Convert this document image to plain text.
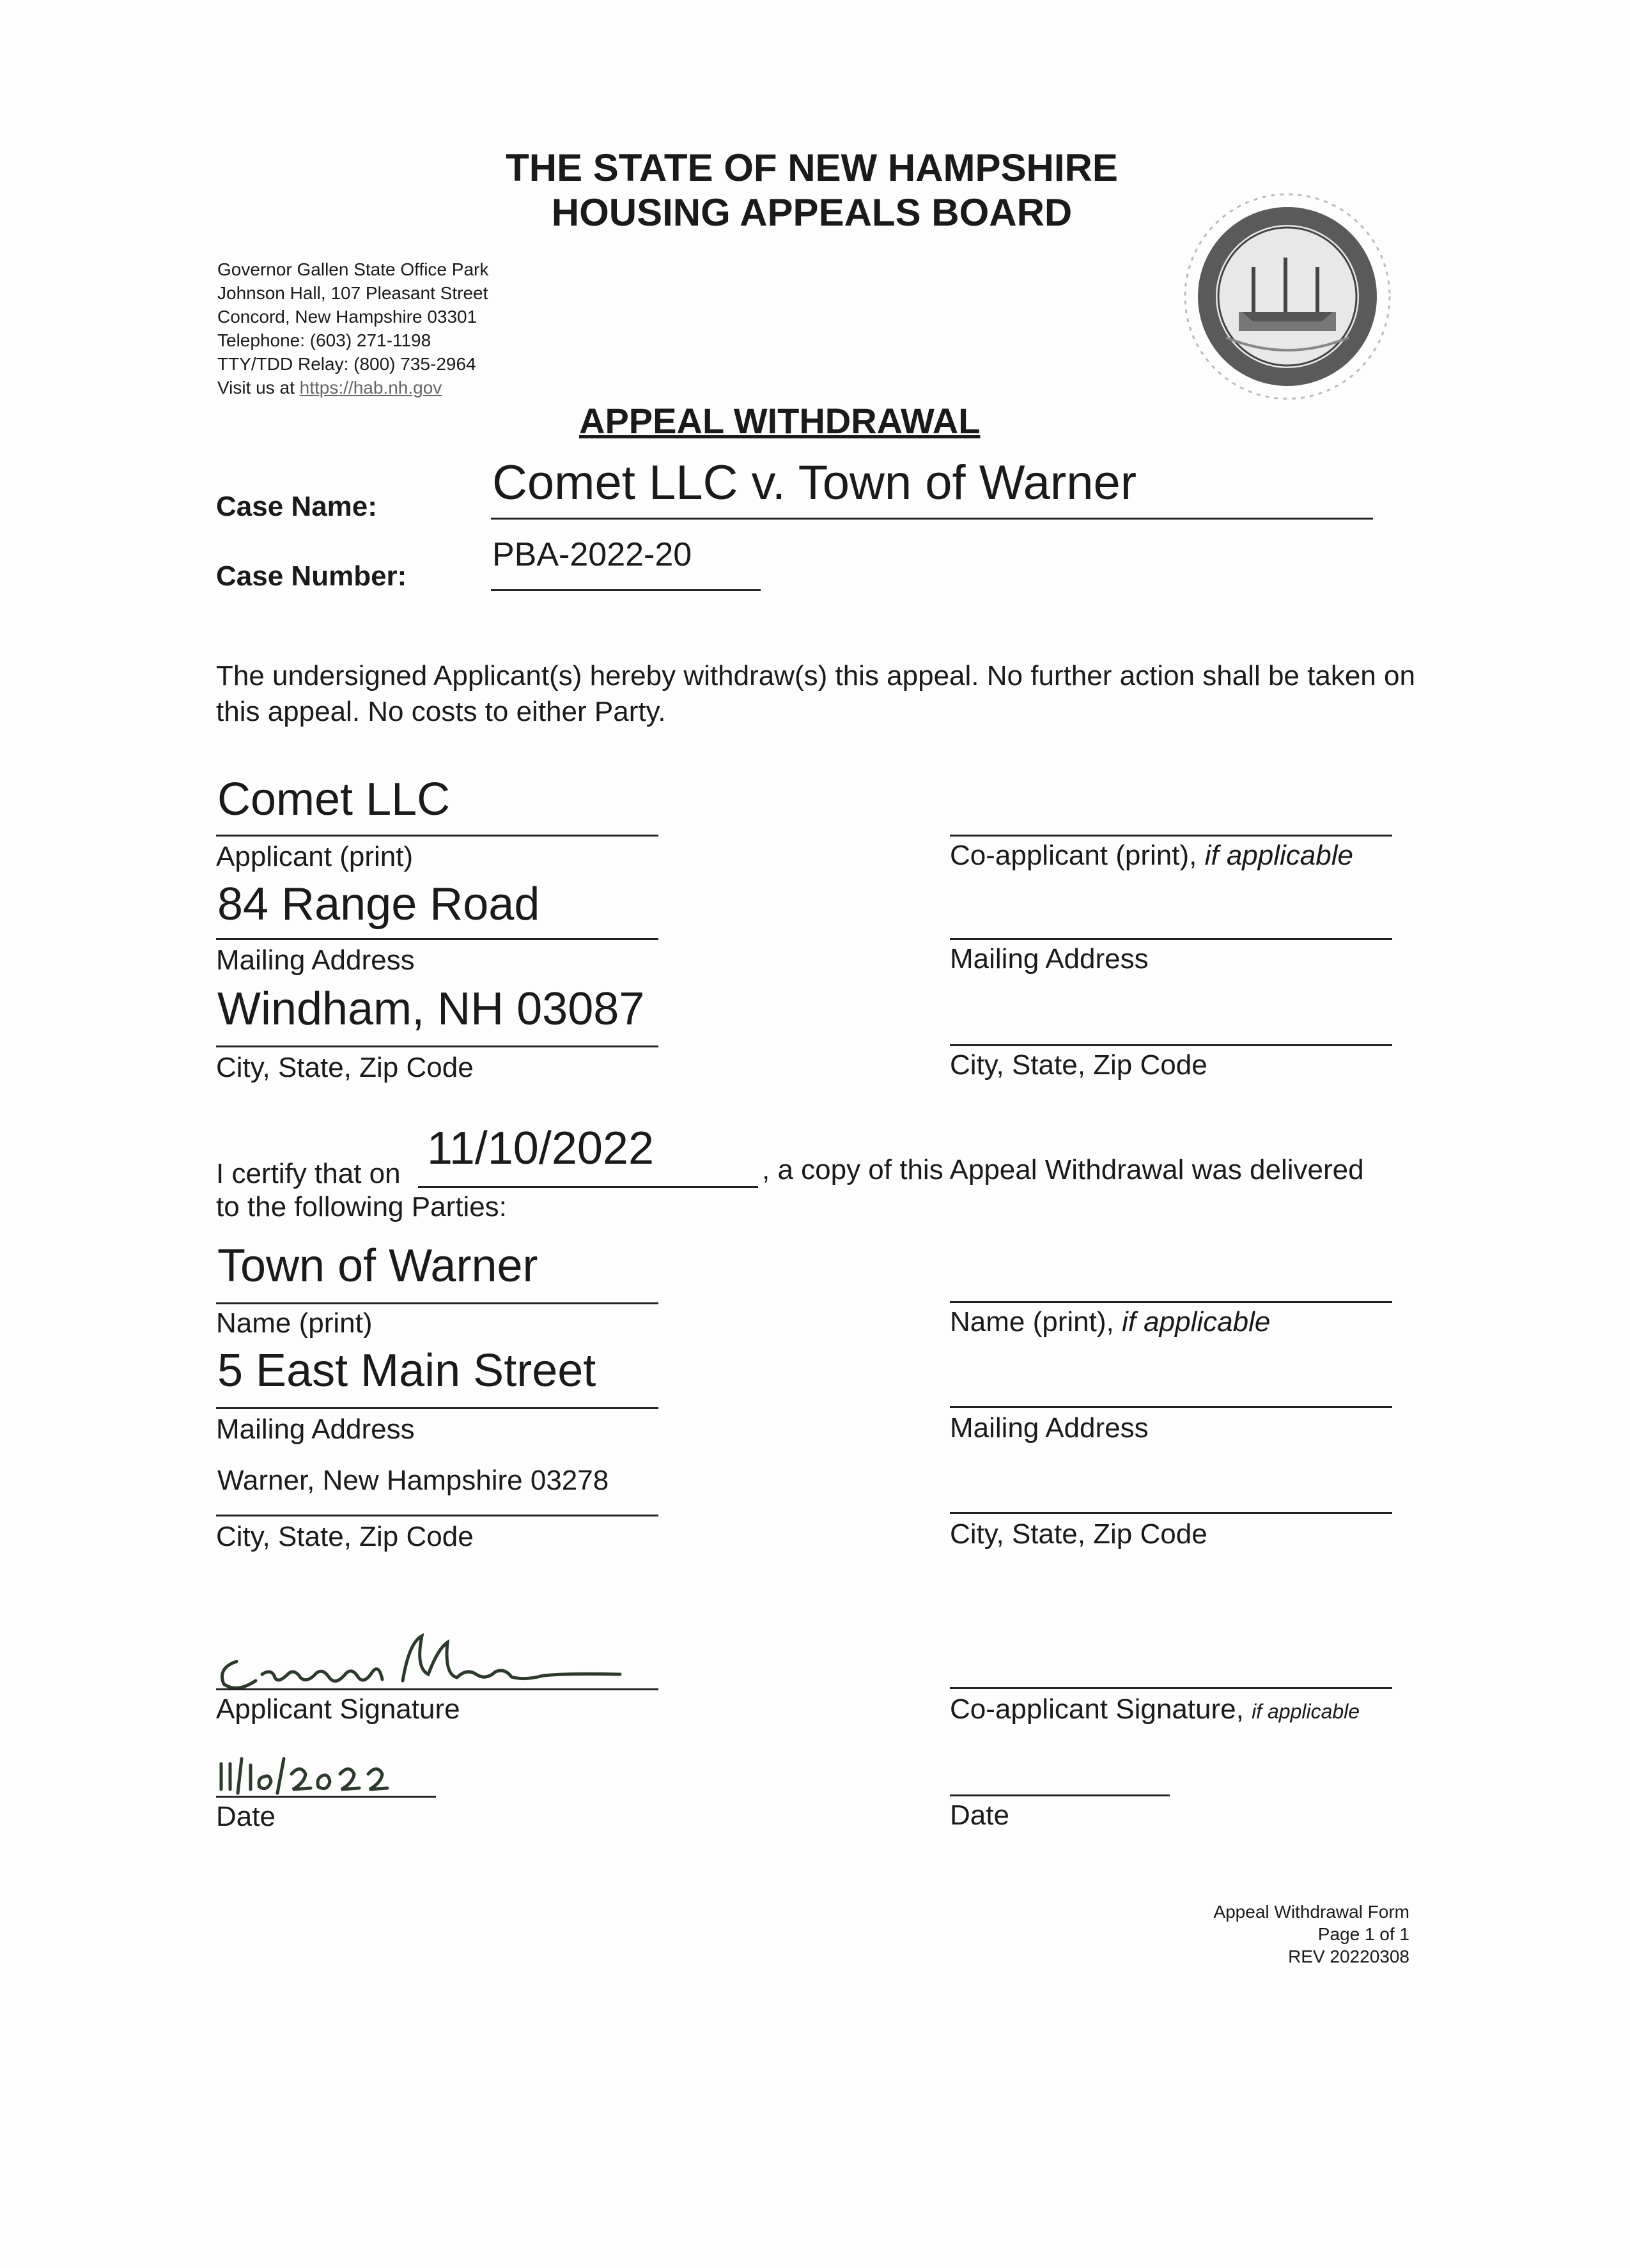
THE STATE OF NEW HAMPSHIRE
HOUSING APPEALS BOARD
Governor Gallen State Office Park
Johnson Hall, 107 Pleasant Street
Concord, New Hampshire 03301
Telephone: (603) 271-1198
TTY/TDD Relay: (800) 735-2964
Visit us at https://hab.nh.gov
APPEAL WITHDRAWAL
Case Name: Comet LLC v. Town of Warner
Case Number:
PBA-2022-20
The undersigned Applicant(s) hereby withdraw(s) this appeal. No further action shall be taken on this appeal. No costs to either Party.
Comet LLC
Applicant (print)
84 Range Road
Mailing Address
Windham, NH 03087
City, State, Zip Code
Co-applicant (print), if applicable
Mailing Address
City, State, Zip Code
I certify that on 11/10/2022	, a copy of this Appeal Withdrawal was delivered
to the following Parties:
Town of Warner
Name (print)
5 East Main Street
Mailing Address
Warner, New Hampshire 03278
City, State, Zip Code
Name (print), if applicable
Mailing Address
City, State, Zip Code
Applicant Signature
Date
Co-applicant Signature, if applicable
Date
Appeal Withdrawal Form
Page 1 of 1
REV 20220308
